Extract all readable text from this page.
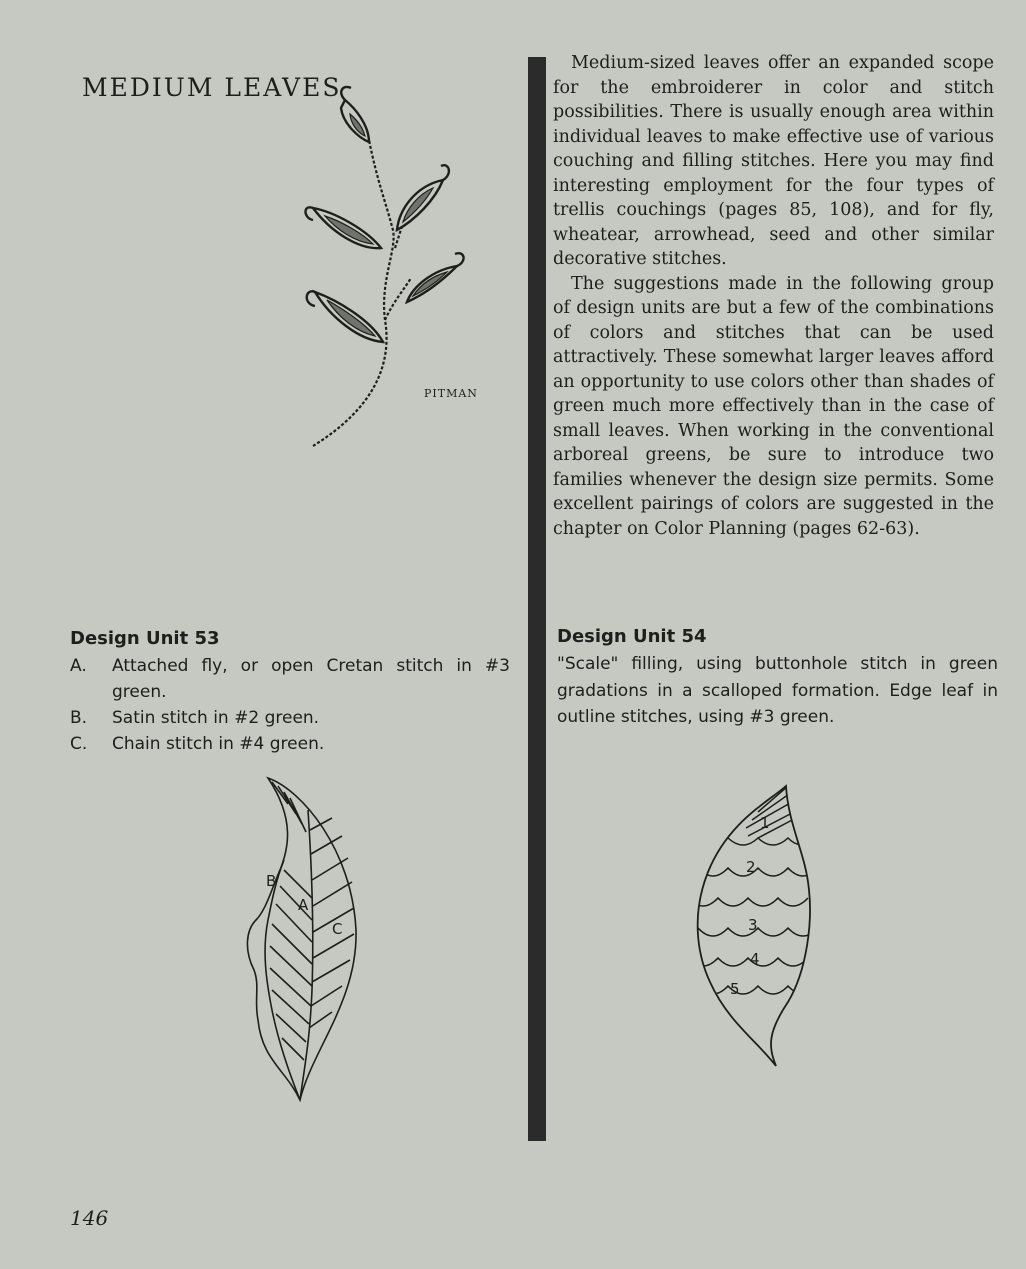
MEDIUM LEAVES
PITMAN

Medium-sized leaves offer an expanded scope for the embroiderer in color and stitch possibilities. There is usually enough area within individual leaves to make effective use of various couching and filling stitches. Here you may find interesting employment for the four types of trellis couchings (pages 85, 108), and for fly, wheatear, arrowhead, seed and other similar decorative stitches.

The suggestions made in the following group of design units are but a few of the combinations of colors and stitches that can be used attractively. These somewhat larger leaves afford an opportunity to use colors other than shades of green much more effectively than in the case of small leaves. When working in the conventional arboreal greens, be sure to introduce two families whenever the design size permits. Some excellent pairings of colors are suggested in the chapter on Color Planning (pages 62-63).

Design Unit 53
A.	Attached fly, or open Cretan stitch in #3 green.
B.	Satin stitch in #2 green.
C.	Chain stitch in #4 green.
B
A
C
Design Unit 54
"Scale" filling, using buttonhole stitch in green gradations in a scalloped formation. Edge leaf in outline stitches, using #3 green.
1
2
3
4
5
146
